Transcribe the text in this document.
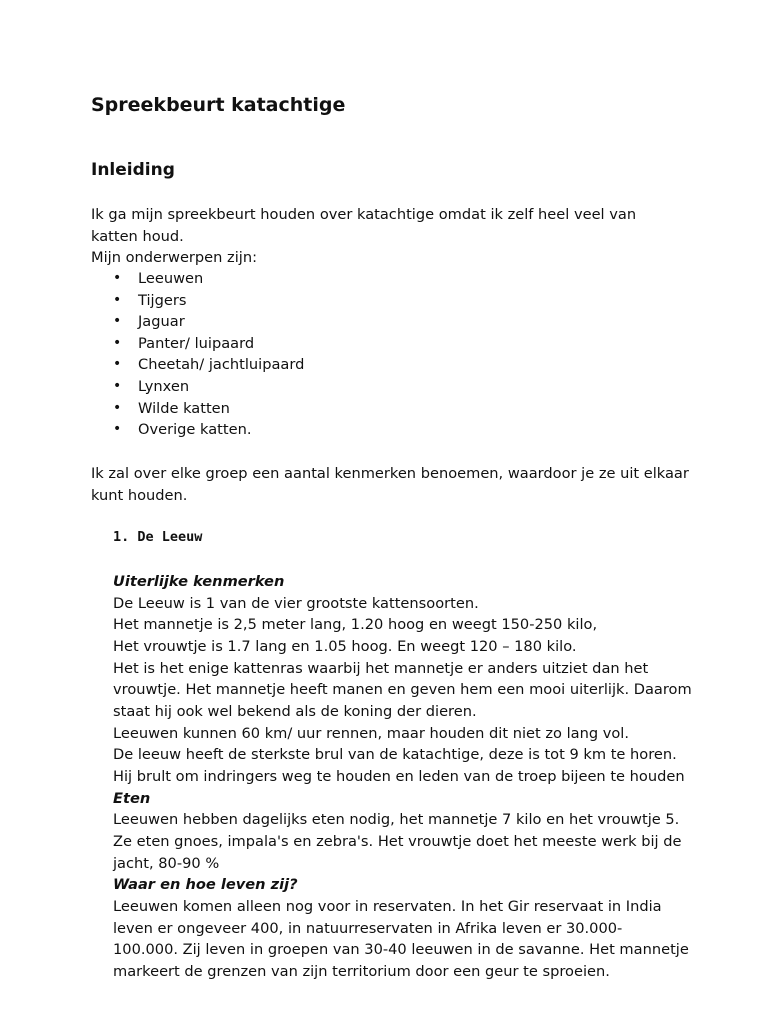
Spreekbeurt katachtige
Inleiding
Ik ga mijn spreekbeurt houden over katachtige omdat ik zelf heel veel van
katten houd.
Mijn onderwerpen zijn:
• Leeuwen
• Tijgers
• Jaguar
• Panter/ luipaard
• Cheetah/ jachtluipaard
• Lynxen
• Wilde katten
• Overige katten.
Ik zal over elke groep een aantal kenmerken benoemen, waardoor je ze uit elkaar
kunt houden.
1. De Leeuw
Uiterlijke kenmerken
De Leeuw is 1 van de vier grootste kattensoorten.
Het mannetje is 2,5 meter lang, 1.20 hoog en weegt 150-250 kilo,
Het vrouwtje is 1.7 lang en 1.05 hoog. En weegt 120 – 180 kilo.
Het is het enige kattenras waarbij het mannetje er anders uitziet dan het
vrouwtje. Het mannetje heeft manen en geven hem een mooi uiterlijk. Daarom
staat hij ook wel bekend als de koning der dieren.
Leeuwen kunnen 60 km/ uur rennen, maar houden dit niet zo lang vol.
De leeuw heeft de sterkste brul van de katachtige, deze is tot 9 km te horen.
Hij brult om indringers weg te houden en leden van de troep bijeen te houden
Eten
Leeuwen hebben dagelijks eten nodig, het mannetje 7 kilo en het vrouwtje 5.
Ze eten gnoes, impala's en zebra's. Het vrouwtje doet het meeste werk bij de
jacht, 80-90 %
Waar en hoe leven zij?
Leeuwen komen alleen nog voor in reservaten. In het Gir reservaat in India
leven er ongeveer 400, in natuurreservaten in Afrika leven er 30.000-
100.000. Zij leven in groepen van 30-40 leeuwen in de savanne. Het mannetje
markeert de grenzen van zijn territorium door een geur te sproeien.
